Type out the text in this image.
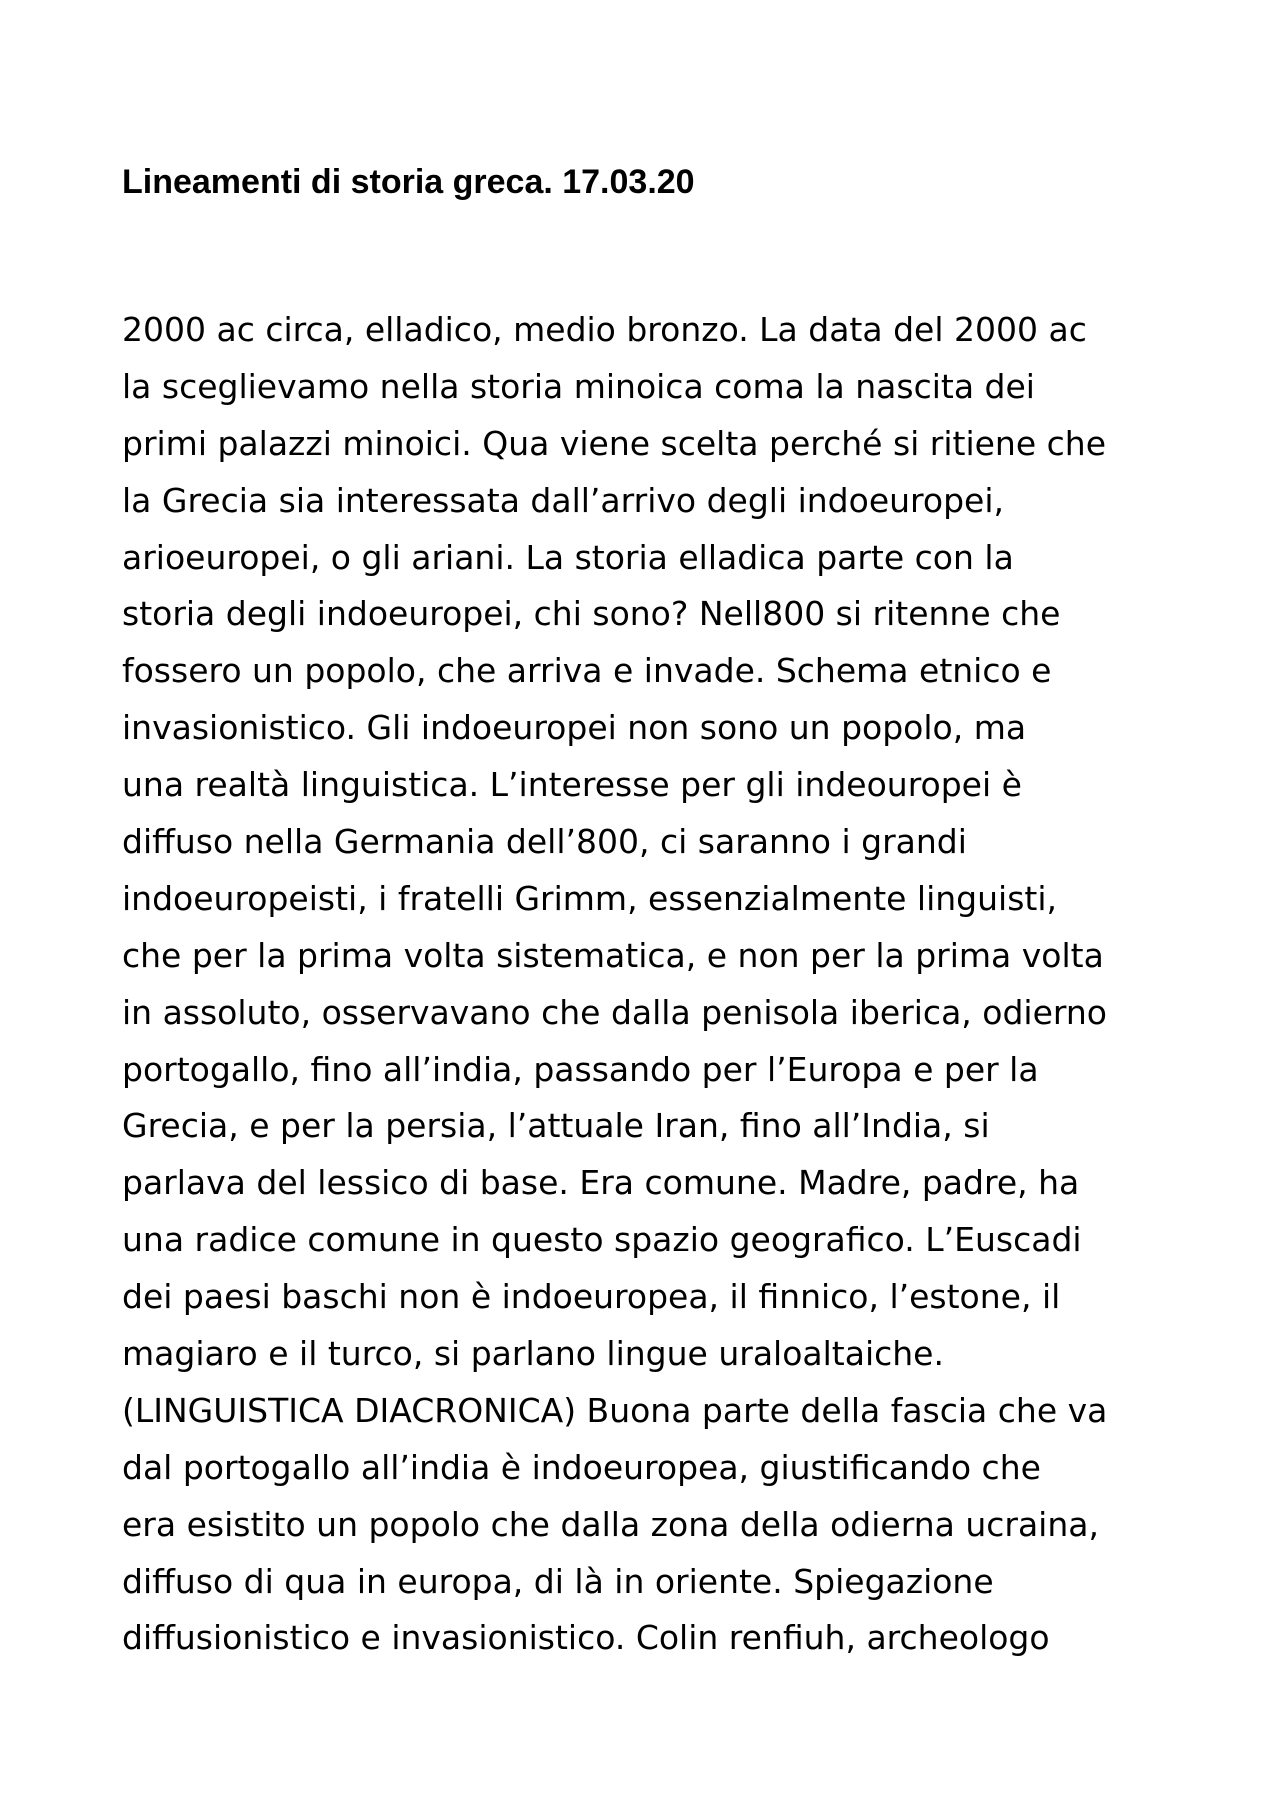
Lineamenti di storia greca. 17.03.20
2000 ac circa, elladico, medio bronzo. La data del 2000 ac
la sceglievamo nella storia minoica coma la nascita dei
primi palazzi minoici. Qua viene scelta perché si ritiene che
la Grecia sia interessata dall’arrivo degli indoeuropei,
arioeuropei, o gli ariani. La storia elladica parte con la
storia degli indoeuropei, chi sono? Nell800 si ritenne che
fossero un popolo, che arriva e invade. Schema etnico e
invasionistico. Gli indoeuropei non sono un popolo, ma
una realtà linguistica. L’interesse per gli indeouropei è
diffuso nella Germania dell’800, ci saranno i grandi
indoeuropeisti, i fratelli Grimm, essenzialmente linguisti,
che per la prima volta sistematica, e non per la prima volta
in assoluto, osservavano che dalla penisola iberica, odierno
portogallo, fino all’india, passando per l’Europa e per la
Grecia, e per la persia, l’attuale Iran, fino all’India, si
parlava del lessico di base. Era comune. Madre, padre, ha
una radice comune in questo spazio geografico. L’Euscadi
dei paesi baschi non è indoeuropea, il finnico, l’estone, il
magiaro e il turco, si parlano lingue uraloaltaiche.
(LINGUISTICA DIACRONICA) Buona parte della fascia che va
dal portogallo all’india è indoeuropea, giustificando che
era esistito un popolo che dalla zona della odierna ucraina,
diffuso di qua in europa, di là in oriente. Spiegazione
diffusionistico e invasionistico. Colin renfiuh, archeologo
